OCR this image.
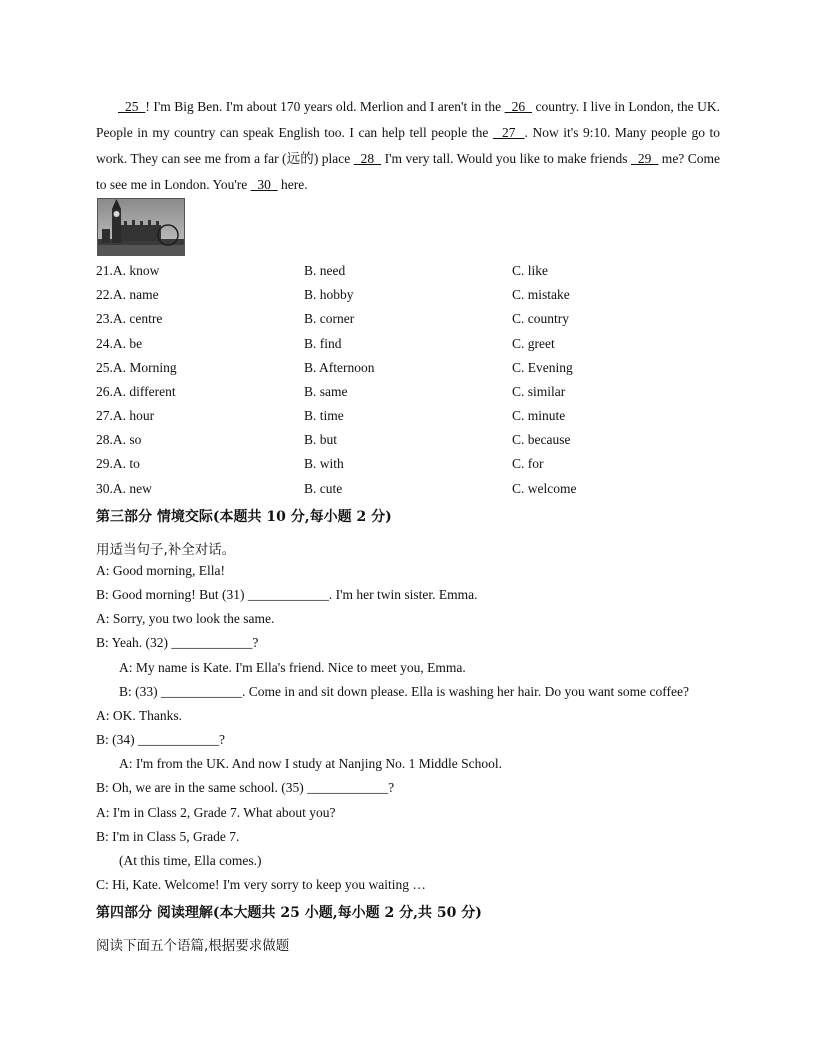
25  ! I'm Big Ben. I'm about 170 years old. Merlion and I aren't in the   26   country. I live in London, the UK. People in my country can speak English too. I can help tell people the   27  . Now it's 9:10. Many people go to work. They can see me from a far (远的) place   28   I'm very tall. Would you like to make friends   29   me? Come to see me in London. You're   30   here.
21.A. know	B. need	C. like
22.A. name	B. hobby	C. mistake
23.A. centre	B. corner	C. country
24.A. be	B. find	C. greet
25.A. Morning	B. Afternoon	C. Evening
26.A. different	B. same	C. similar
27.A. hour	B. time	C. minute
28.A. so	B. but	C. because
29.A. to	B. with	C. for
30.A. new	B. cute	C. welcome
第三部分 情境交际(本题共 10 分,每小题 2 分)
用适当句子,补全对话。
A: Good morning, Ella!
B: Good morning! But (31) ____________. I'm her twin sister. Emma.
A: Sorry, you two look the same.
B: Yeah. (32) ____________?
A: My name is Kate. I'm Ella's friend. Nice to meet you, Emma.
B: (33) ____________. Come in and sit down please. Ella is washing her hair. Do you want some coffee?
A: OK. Thanks.
B: (34) ____________?
A: I'm from the UK. And now I study at Nanjing No. 1 Middle School.
B: Oh, we are in the same school. (35) ____________?
A: I'm in Class 2, Grade 7. What about you?
B: I'm in Class 5, Grade 7.
(At this time, Ella comes.)
C: Hi, Kate. Welcome! I'm very sorry to keep you waiting …
第四部分 阅读理解(本大题共 25 小题,每小题 2 分,共 50 分)
阅读下面五个语篇,根据要求做题
